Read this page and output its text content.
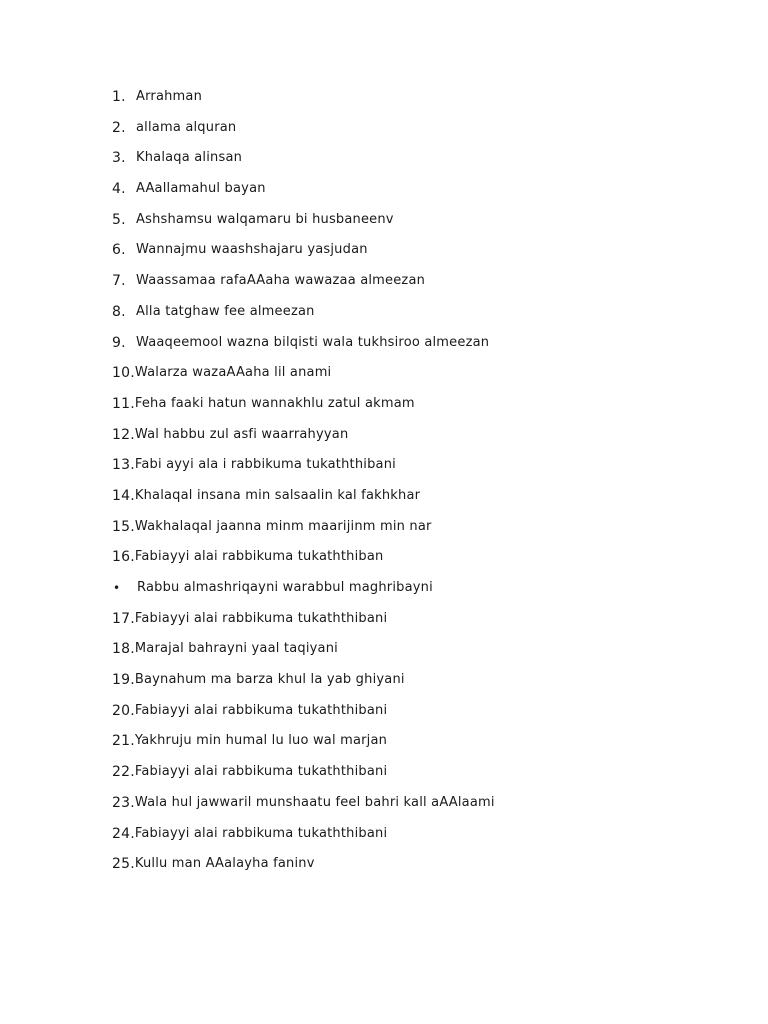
1. Arrahman
2. allama alquran
3. Khalaqa alinsan
4. AAallamahul bayan
5. Ashshamsu walqamaru bi husbaneenv
6. Wannajmu waashshajaru yasjudan
7. Waassamaa rafaAAaha wawazaa almeezan
8. Alla tatghaw fee almeezan
9. Waaqeemool wazna bilqisti wala tukhsiroo almeezan
10. Walarza wazaAAaha lil anami
11. Feha faaki hatun wannakhlu zatul akmam
12. Wal habbu zul asfi waarrahyyan
13. Fabi ayyi ala i rabbikuma tukaththibani
14. Khalaqal insana min salsaalin kal fakhkhar
15. Wakhalaqal jaanna minm maarijinm min nar
16. Fabiayyi alai rabbikuma tukaththiban
•	Rabbu almashriqayni warabbul maghribayni
17. Fabiayyi alai rabbikuma tukaththibani
18. Marajal bahrayni yaal taqiyani
19. Baynahum ma barza khul la yab ghiyani
20. Fabiayyi alai rabbikuma tukaththibani
21. Yakhruju min humal lu luo wal marjan
22. Fabiayyi alai rabbikuma tukaththibani
23. Wala hul jawwaril munshaatu feel bahri kall aAAlaami
24. Fabiayyi alai rabbikuma tukaththibani
25. Kullu man AAalayha faninv
